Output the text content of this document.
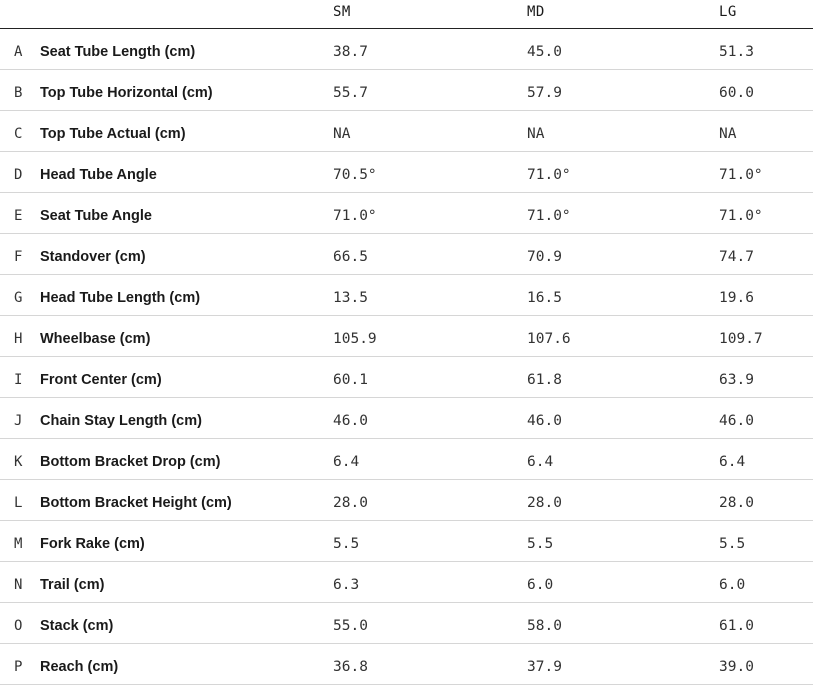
SM	MD	LG
A Seat Tube Length (cm)	38.7	45.0	51.3
B Top Tube Horizontal (cm)	55.7	57.9	60.0
C Top Tube Actual (cm)	NA	NA	NA
D Head Tube Angle	70.5°	71.0°	71.0°
E Seat Tube Angle	71.0°	71.0°	71.0°
F Standover (cm)	66.5	70.9	74.7
G Head Tube Length (cm)	13.5	16.5	19.6
H Wheelbase (cm)	105.9	107.6	109.7
I Front Center (cm)	60.1	61.8	63.9
J Chain Stay Length (cm)	46.0	46.0	46.0
K Bottom Bracket Drop (cm)	6.4	6.4	6.4
L Bottom Bracket Height (cm)	28.0	28.0	28.0
M Fork Rake (cm)	5.5	5.5	5.5
N Trail (cm)	6.3	6.0	6.0
O Stack (cm)	55.0	58.0	61.0
P Reach (cm)	36.8	37.9	39.0
